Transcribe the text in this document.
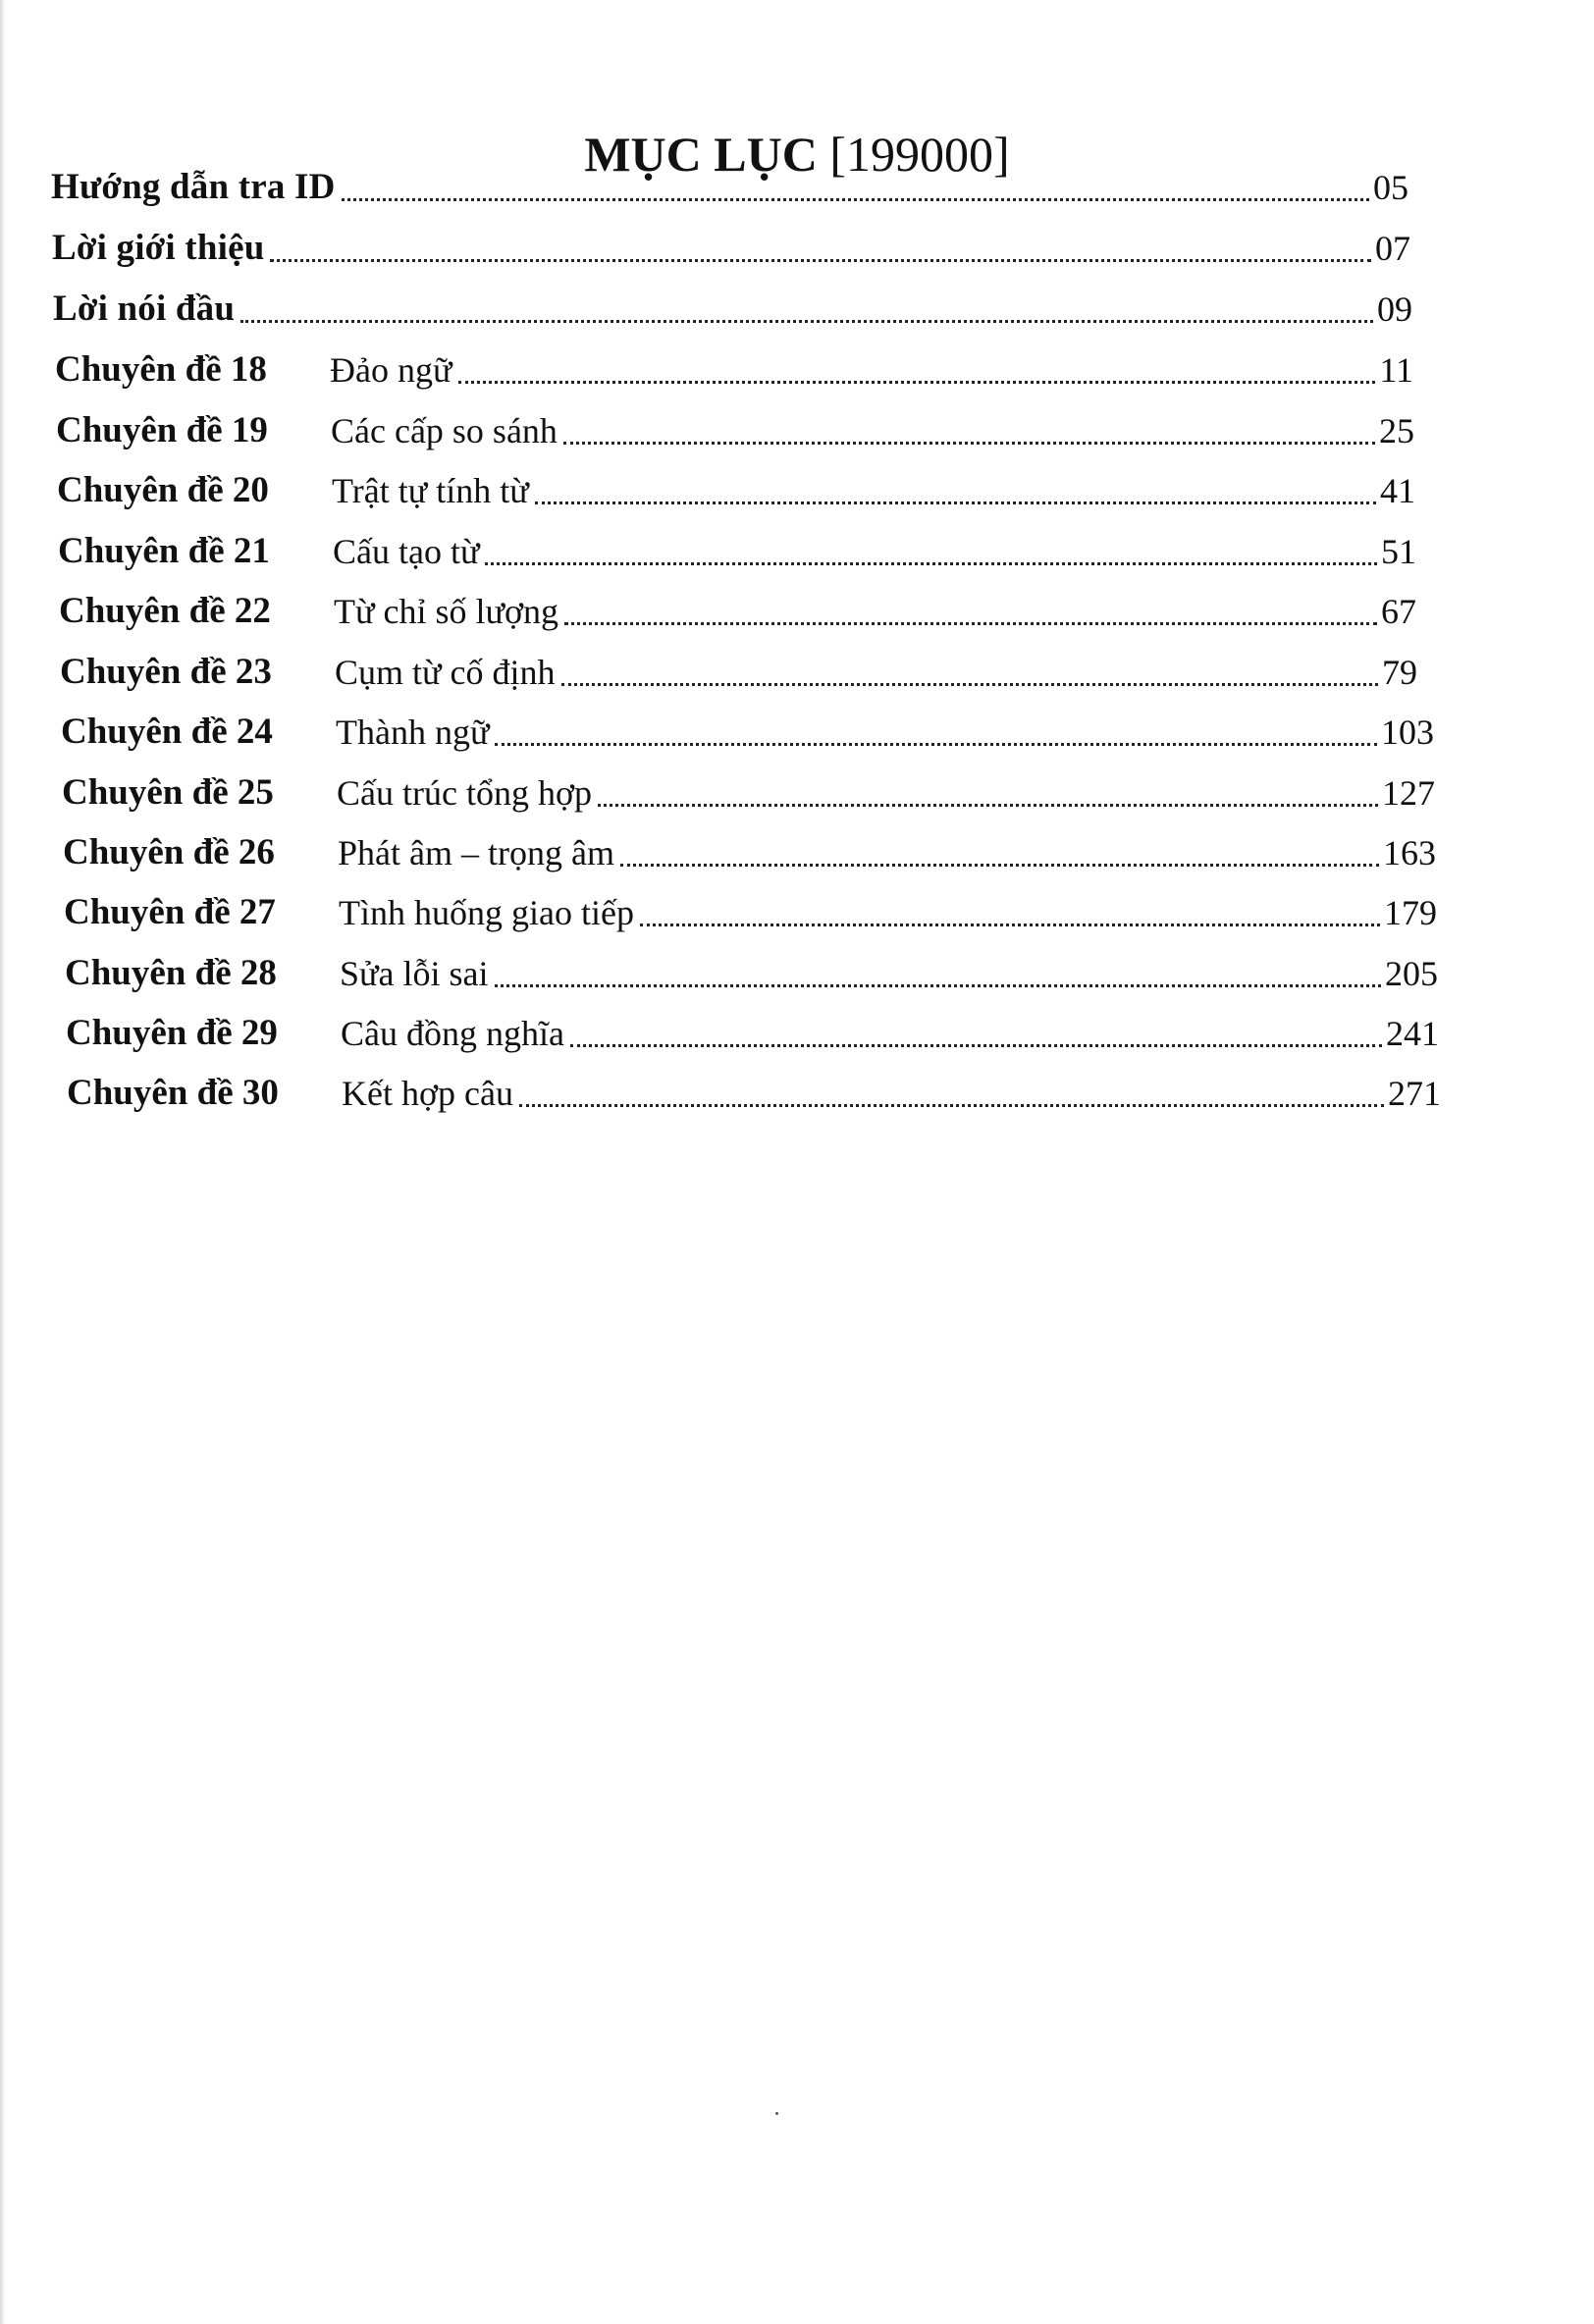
MỤC LỤC [199000]
Hướng dẫn tra ID	05
Lời giới thiệu	07
Lời nói đầu	09
Chuyên đề 18	Đảo ngữ	11
Chuyên đề 19	Các cấp so sánh	25
Chuyên đề 20	Trật tự tính từ	41
Chuyên đề 21	Cấu tạo từ	51
Chuyên đề 22	Từ chỉ số lượng	67
Chuyên đề 23	Cụm từ cố định	79
Chuyên đề 24	Thành ngữ	103
Chuyên đề 25	Cấu trúc tổng hợp	127
Chuyên đề 26	Phát âm – trọng âm	163
Chuyên đề 27	Tình huống giao tiếp	179
Chuyên đề 28	Sửa lỗi sai	205
Chuyên đề 29	Câu đồng nghĩa	241
Chuyên đề 30	Kết hợp câu	271
